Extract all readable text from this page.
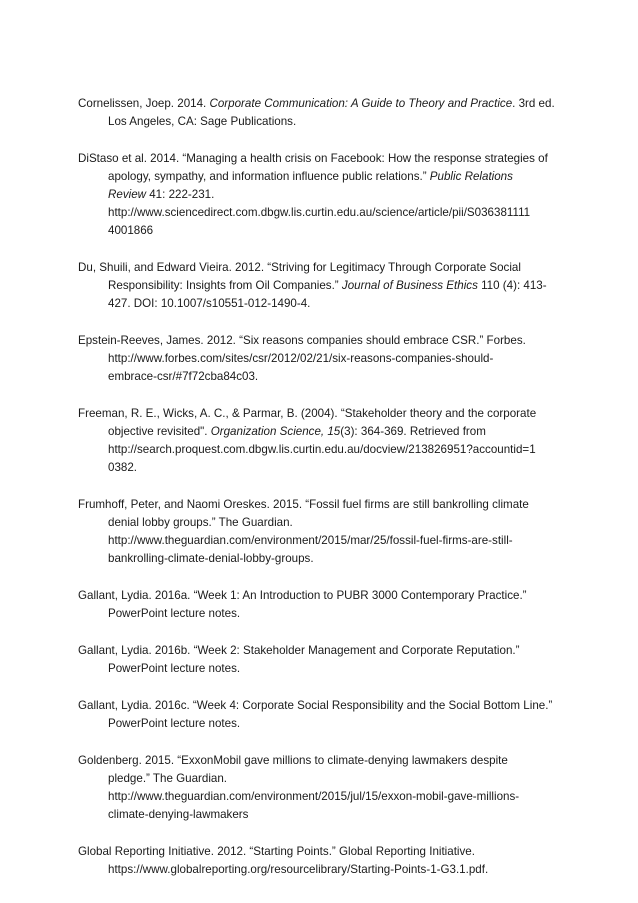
Cornelissen, Joep. 2014. Corporate Communication: A Guide to Theory and Practice. 3rd ed.
Los Angeles, CA: Sage Publications.
DiStaso et al. 2014. “Managing a health crisis on Facebook: How the response strategies of
apology, sympathy, and information influence public relations.” Public Relations
Review 41: 222-231.
http://www.sciencedirect.com.dbgw.lis.curtin.edu.au/science/article/pii/S036381111
4001866
Du, Shuili, and Edward Vieira. 2012. “Striving for Legitimacy Through Corporate Social
Responsibility: Insights from Oil Companies.” Journal of Business Ethics 110 (4): 413-
427. DOI: 10.1007/s10551-012-1490-4.
Epstein-Reeves, James. 2012. “Six reasons companies should embrace CSR.” Forbes.
http://www.forbes.com/sites/csr/2012/02/21/six-reasons-companies-should-
embrace-csr/#7f72cba84c03.
Freeman, R. E., Wicks, A. C., & Parmar, B. (2004). “Stakeholder theory and the corporate
objective revisited". Organization Science, 15(3): 364-369. Retrieved from
http://search.proquest.com.dbgw.lis.curtin.edu.au/docview/213826951?accountid=1
0382.
Frumhoff, Peter, and Naomi Oreskes. 2015. “Fossil fuel firms are still bankrolling climate
denial lobby groups.” The Guardian.
http://www.theguardian.com/environment/2015/mar/25/fossil-fuel-firms-are-still-
bankrolling-climate-denial-lobby-groups.
Gallant, Lydia. 2016a. “Week 1: An Introduction to PUBR 3000 Contemporary Practice.”
PowerPoint lecture notes.
Gallant, Lydia. 2016b. “Week 2: Stakeholder Management and Corporate Reputation.”
PowerPoint lecture notes.
Gallant, Lydia. 2016c. “Week 4: Corporate Social Responsibility and the Social Bottom Line.”
PowerPoint lecture notes.
Goldenberg. 2015. “ExxonMobil gave millions to climate-denying lawmakers despite
pledge.” The Guardian.
http://www.theguardian.com/environment/2015/jul/15/exxon-mobil-gave-millions-
climate-denying-lawmakers
Global Reporting Initiative. 2012. “Starting Points.” Global Reporting Initiative.
https://www.globalreporting.org/resourcelibrary/Starting-Points-1-G3.1.pdf.
